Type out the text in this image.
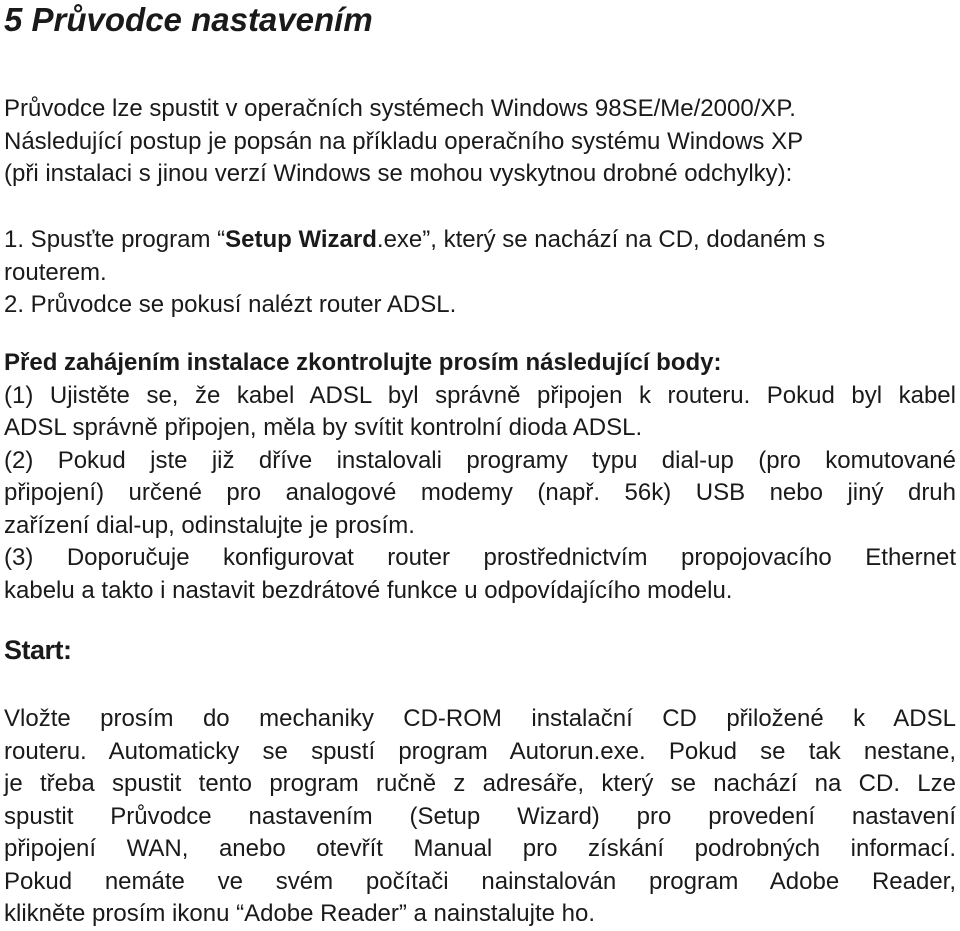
5 Průvodce nastavením
Průvodce lze spustit v operačních systémech Windows 98SE/Me/2000/XP.
Následující postup je popsán na příkladu operačního systému Windows XP
(při instalaci s jinou verzí Windows se mohou vyskytnou drobné odchylky):
1. Spusťte program “Setup Wizard.exe”, který se nachází na CD, dodaném s
routerem.
2. Průvodce se pokusí nalézt router ADSL.
Před zahájením instalace zkontrolujte prosím následující body:
(1) Ujistěte se, že kabel ADSL byl správně připojen k routeru. Pokud byl kabel
ADSL správně připojen, měla by svítit kontrolní dioda ADSL.
(2) Pokud jste již dříve instalovali programy typu dial-up (pro komutované
připojení) určené pro analogové modemy (např. 56k) USB nebo jiný druh
zařízení dial-up, odinstalujte je prosím.
(3) Doporučuje konfigurovat router prostřednictvím propojovacího Ethernet
kabelu a takto i nastavit bezdrátové funkce u odpovídajícího modelu.
Start:
Vložte prosím do mechaniky CD-ROM instalační CD přiložené k ADSL
routeru. Automaticky se spustí program Autorun.exe. Pokud se tak nestane,
je třeba spustit tento program ručně z adresáře, který se nachází na CD. Lze
spustit Průvodce nastavením (Setup Wizard) pro provedení nastavení
připojení WAN, anebo otevřít Manual pro získání podrobných informací.
Pokud nemáte ve svém počítači nainstalován program Adobe Reader,
klikněte prosím ikonu “Adobe Reader” a nainstalujte ho.
